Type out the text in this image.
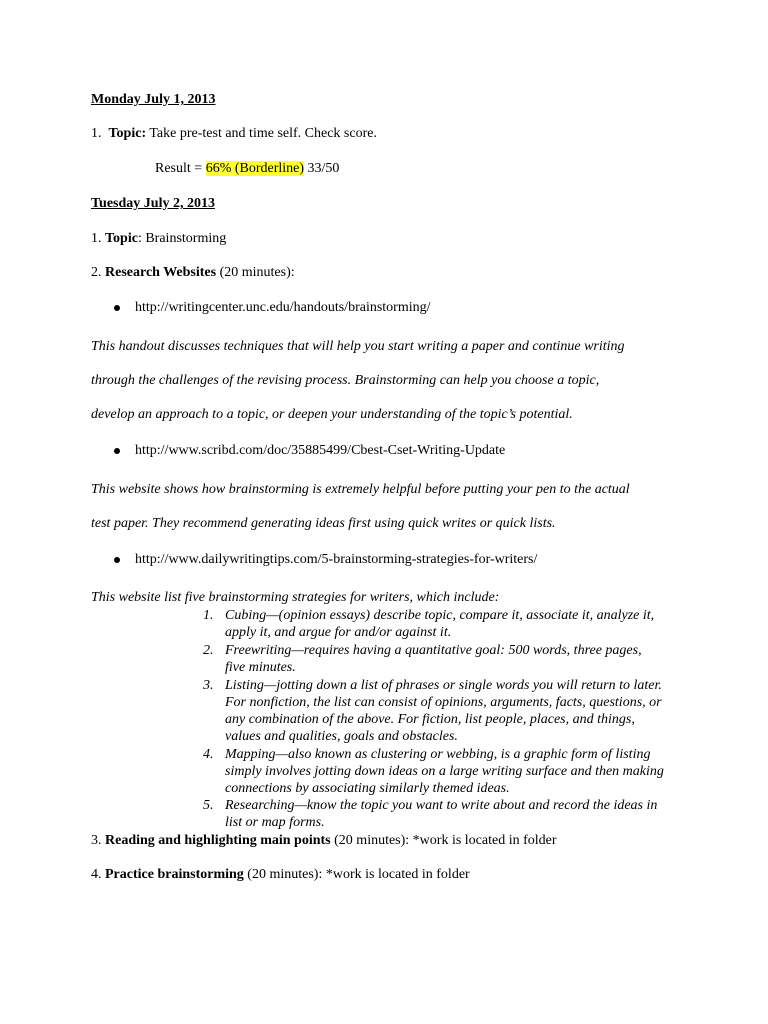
Monday July 1, 2013
1. Topic: Take pre-test and time self. Check score.
Result = 66% (Borderline) 33/50
Tuesday July 2, 2013
1. Topic: Brainstorming
2. Research Websites (20 minutes):
http://writingcenter.unc.edu/handouts/brainstorming/
This handout discusses techniques that will help you start writing a paper and continue writing
through the challenges of the revising process. Brainstorming can help you choose a topic,
develop an approach to a topic, or deepen your understanding of the topic’s potential.
http://www.scribd.com/doc/35885499/Cbest-Cset-Writing-Update
This website shows how brainstorming is extremely helpful before putting your pen to the actual
test paper. They recommend generating ideas first using quick writes or quick lists.
http://www.dailywritingtips.com/5-brainstorming-strategies-for-writers/
This website list five brainstorming strategies for writers, which include:
1. Cubing—(opinion essays) describe topic, compare it, associate it, analyze it, apply it, and argue for and/or against it.
2. Freewriting—requires having a quantitative goal: 500 words, three pages, five minutes.
3. Listing—jotting down a list of phrases or single words you will return to later. For nonfiction, the list can consist of opinions, arguments, facts, questions, or any combination of the above. For fiction, list people, places, and things, values and qualities, goals and obstacles.
4. Mapping—also known as clustering or webbing, is a graphic form of listing simply involves jotting down ideas on a large writing surface and then making connections by associating similarly themed ideas.
5. Researching—know the topic you want to write about and record the ideas in list or map forms.
3. Reading and highlighting main points (20 minutes): *work is located in folder
4. Practice brainstorming (20 minutes): *work is located in folder
